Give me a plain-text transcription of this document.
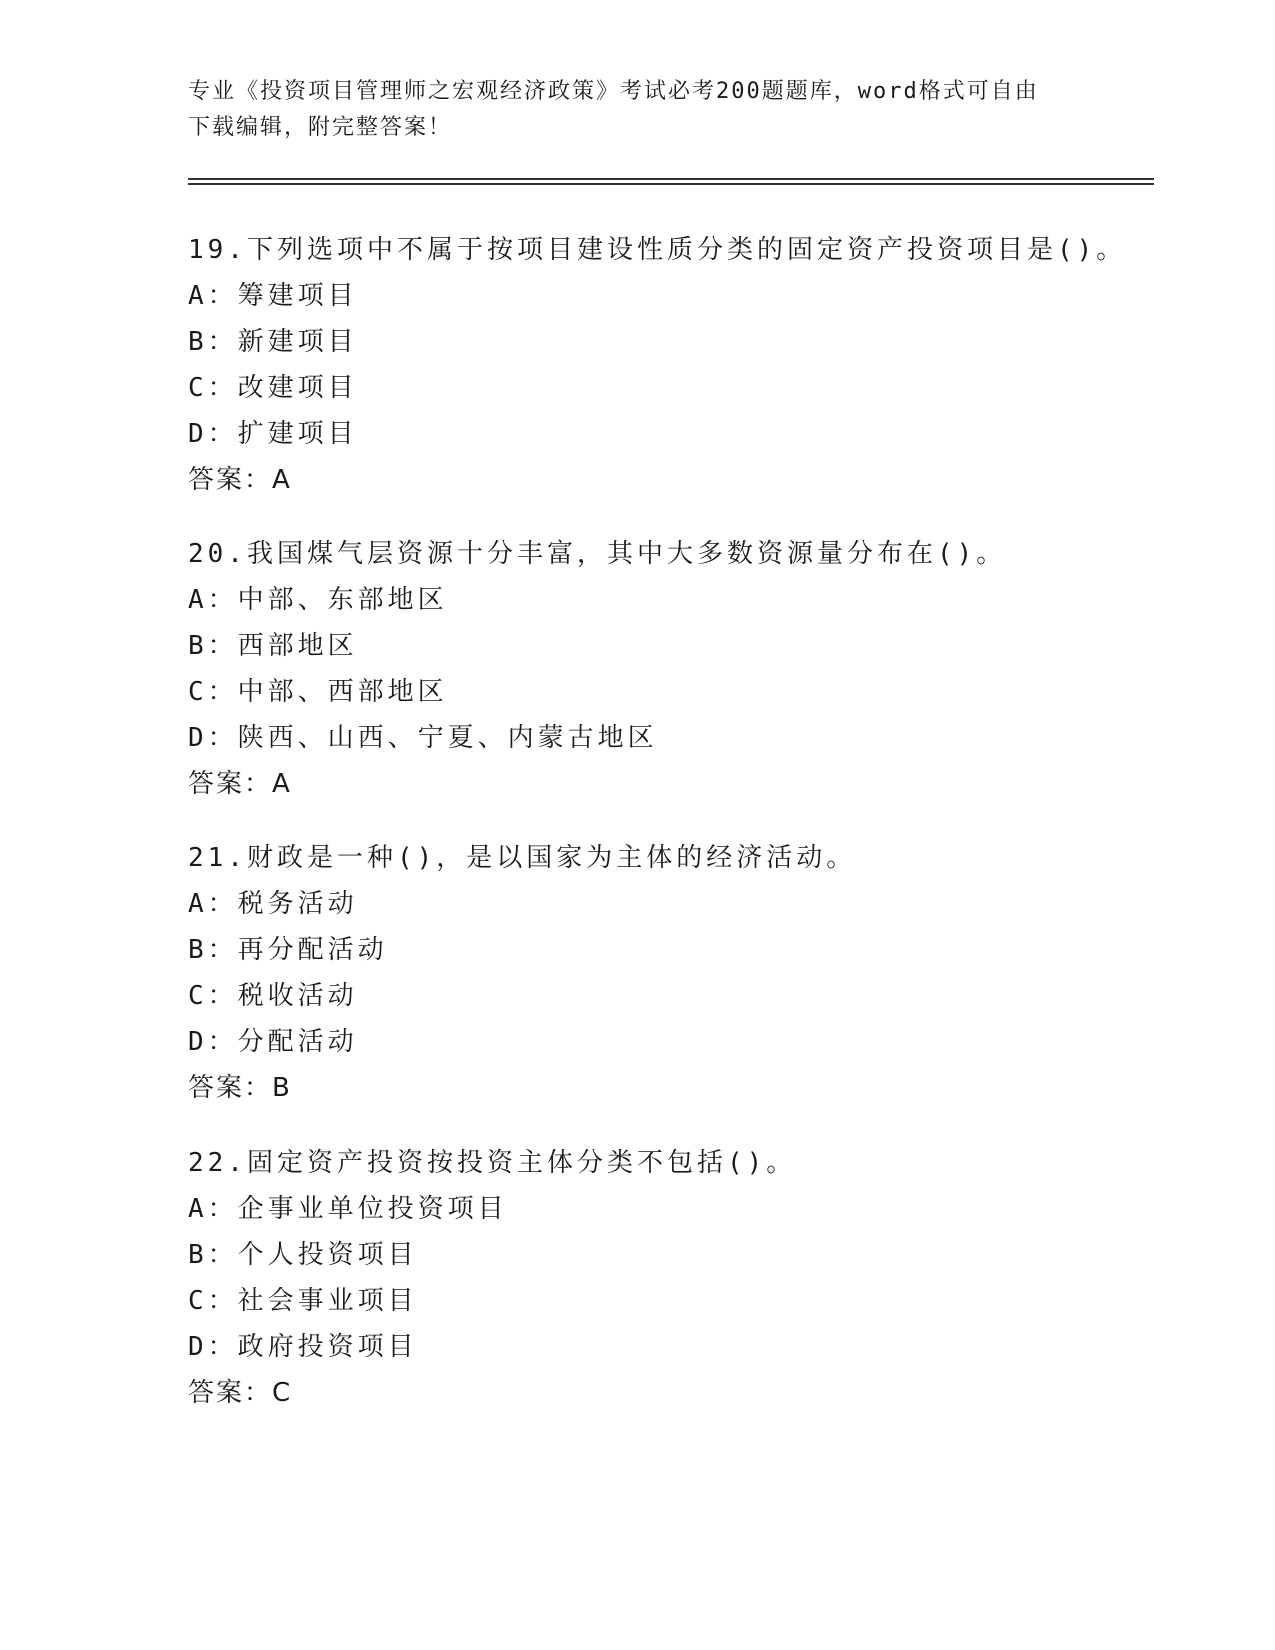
专业《投资项目管理师之宏观经济政策》考试必考200题题库，word格式可自由
下载编辑，附完整答案！
19.下列选项中不属于按项目建设性质分类的固定资产投资项目是()。
A：筹建项目
B：新建项目
C：改建项目
D：扩建项目
答案：A
20.我国煤气层资源十分丰富，其中大多数资源量分布在()。
A：中部、东部地区
B：西部地区
C：中部、西部地区
D：陕西、山西、宁夏、内蒙古地区
答案：A
21.财政是一种()，是以国家为主体的经济活动。
A：税务活动
B：再分配活动
C：税收活动
D：分配活动
答案：B
22.固定资产投资按投资主体分类不包括()。
A：企事业单位投资项目
B：个人投资项目
C：社会事业项目
D：政府投资项目
答案：C
